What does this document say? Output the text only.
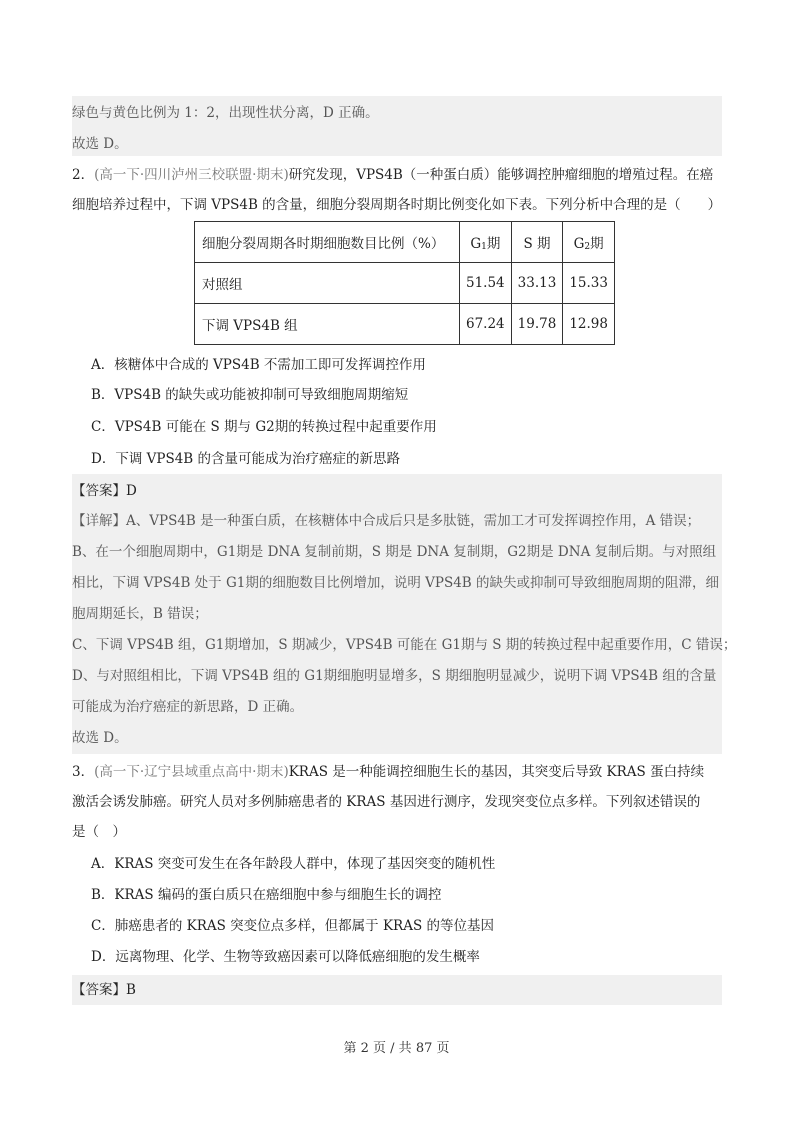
绿色与黄色比例为 1：2，出现性状分离，D 正确。
故选 D。
2．(高一下·四川泸州三校联盟·期末)研究发现，VPS4B（一种蛋白质）能够调控肿瘤细胞的增殖过程。在癌
细胞培养过程中，下调 VPS4B 的含量，细胞分裂周期各时期比例变化如下表。下列分析中合理的是（　　）
细胞分裂周期各时期细胞数目比例（%）	$G_1$期	S 期	$G_2$期
对照组	51.54	33.13	15.33
下调 VPS4B 组	67.24	19.78	12.98
A．核糖体中合成的 VPS4B 不需加工即可发挥调控作用
B．VPS4B 的缺失或功能被抑制可导致细胞周期缩短
C．VPS4B 可能在 S 期与 G2期的转换过程中起重要作用
D．下调 VPS4B 的含量可能成为治疗癌症的新思路
【答案】D
【详解】A、VPS4B 是一种蛋白质，在核糖体中合成后只是多肽链，需加工才可发挥调控作用，A 错误；
B、在一个细胞周期中，G1期是 DNA 复制前期，S 期是 DNA 复制期，G2期是 DNA 复制后期。与对照组
相比，下调 VPS4B 处于 G1期的细胞数目比例增加，说明 VPS4B 的缺失或抑制可导致细胞周期的阻滞，细
胞周期延长，B 错误；
C、下调 VPS4B 组，G1期增加，S 期减少，VPS4B 可能在 G1期与 S 期的转换过程中起重要作用，C 错误；
D、与对照组相比，下调 VPS4B 组的 G1期细胞明显增多，S 期细胞明显减少，说明下调 VPS4B 组的含量
可能成为治疗癌症的新思路，D 正确。
故选 D。
3．(高一下·辽宁县域重点高中·期末)KRAS 是一种能调控细胞生长的基因，其突变后导致 KRAS 蛋白持续
激活会诱发肺癌。研究人员对多例肺癌患者的 KRAS 基因进行测序，发现突变位点多样。下列叙述错误的
是（　）
A．KRAS 突变可发生在各年龄段人群中，体现了基因突变的随机性
B．KRAS 编码的蛋白质只在癌细胞中参与细胞生长的调控
C．肺癌患者的 KRAS 突变位点多样，但都属于 KRAS 的等位基因
D．远离物理、化学、生物等致癌因素可以降低癌细胞的发生概率
【答案】B
第 2 页 / 共 87 页
